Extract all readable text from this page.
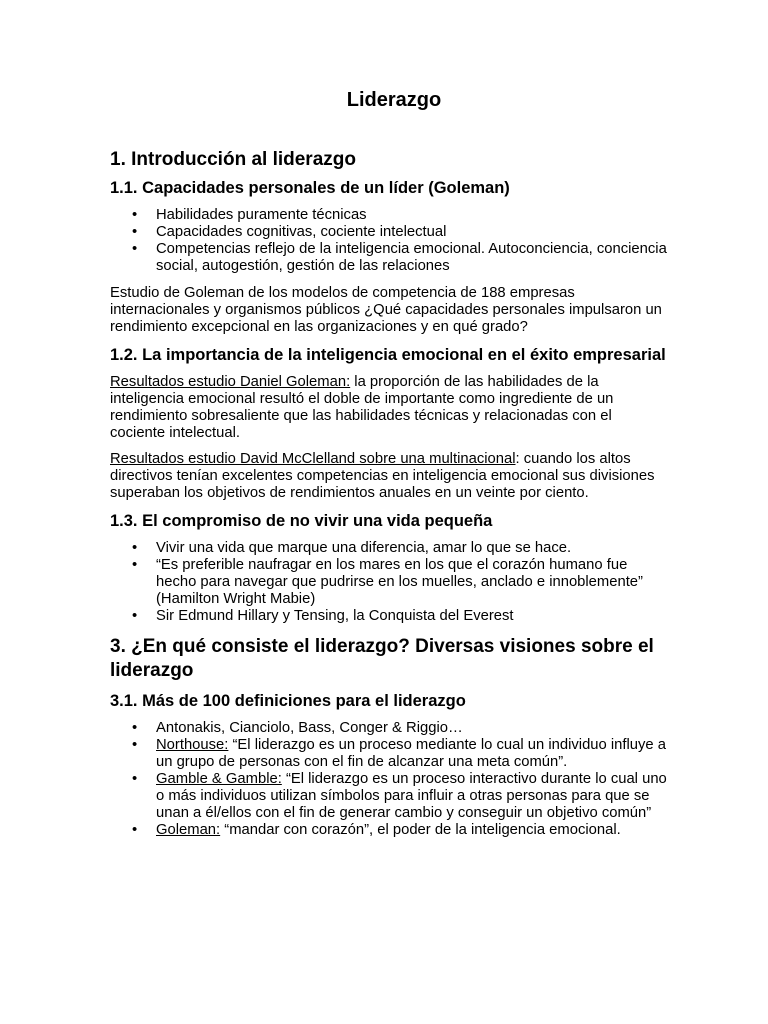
Liderazgo
1. Introducción al liderazgo
1.1. Capacidades personales de un líder (Goleman)
• Habilidades puramente técnicas
• Capacidades cognitivas, cociente intelectual
• Competencias reflejo de la inteligencia emocional. Autoconciencia, conciencia social, autogestión, gestión de las relaciones

Estudio de Goleman de los modelos de competencia de 188 empresas internacionales y organismos públicos ¿Qué capacidades personales impulsaron un rendimiento excepcional en las organizaciones y en qué grado?

1.2. La importancia de la inteligencia emocional en el éxito empresarial

Resultados estudio Daniel Goleman: la proporción de las habilidades de la inteligencia emocional resultó el doble de importante como ingrediente de un rendimiento sobresaliente que las habilidades técnicas y relacionadas con el cociente intelectual.

Resultados estudio David McClelland sobre una multinacional: cuando los altos directivos tenían excelentes competencias en inteligencia emocional sus divisiones superaban los objetivos de rendimientos anuales en un veinte por ciento.

1.3. El compromiso de no vivir una vida pequeña
• Vivir una vida que marque una diferencia, amar lo que se hace.
• “Es preferible naufragar en los mares en los que el corazón humano fue hecho para navegar que pudrirse en los muelles, anclado e innoblemente” (Hamilton Wright Mabie)
• Sir Edmund Hillary y Tensing, la Conquista del Everest
3. ¿En qué consiste el liderazgo? Diversas visiones sobre el liderazgo
3.1. Más de 100 definiciones para el liderazgo
• Antonakis, Cianciolo, Bass, Conger & Riggio…
• Northouse: “El liderazgo es un proceso mediante lo cual un individuo influye a un grupo de personas con el fin de alcanzar una meta común”.
• Gamble & Gamble: “El liderazgo es un proceso interactivo durante lo cual uno o más individuos utilizan símbolos para influir a otras personas para que se unan a él/ellos con el fin de generar cambio y conseguir un objetivo común”
• Goleman: “mandar con corazón”, el poder de la inteligencia emocional.
